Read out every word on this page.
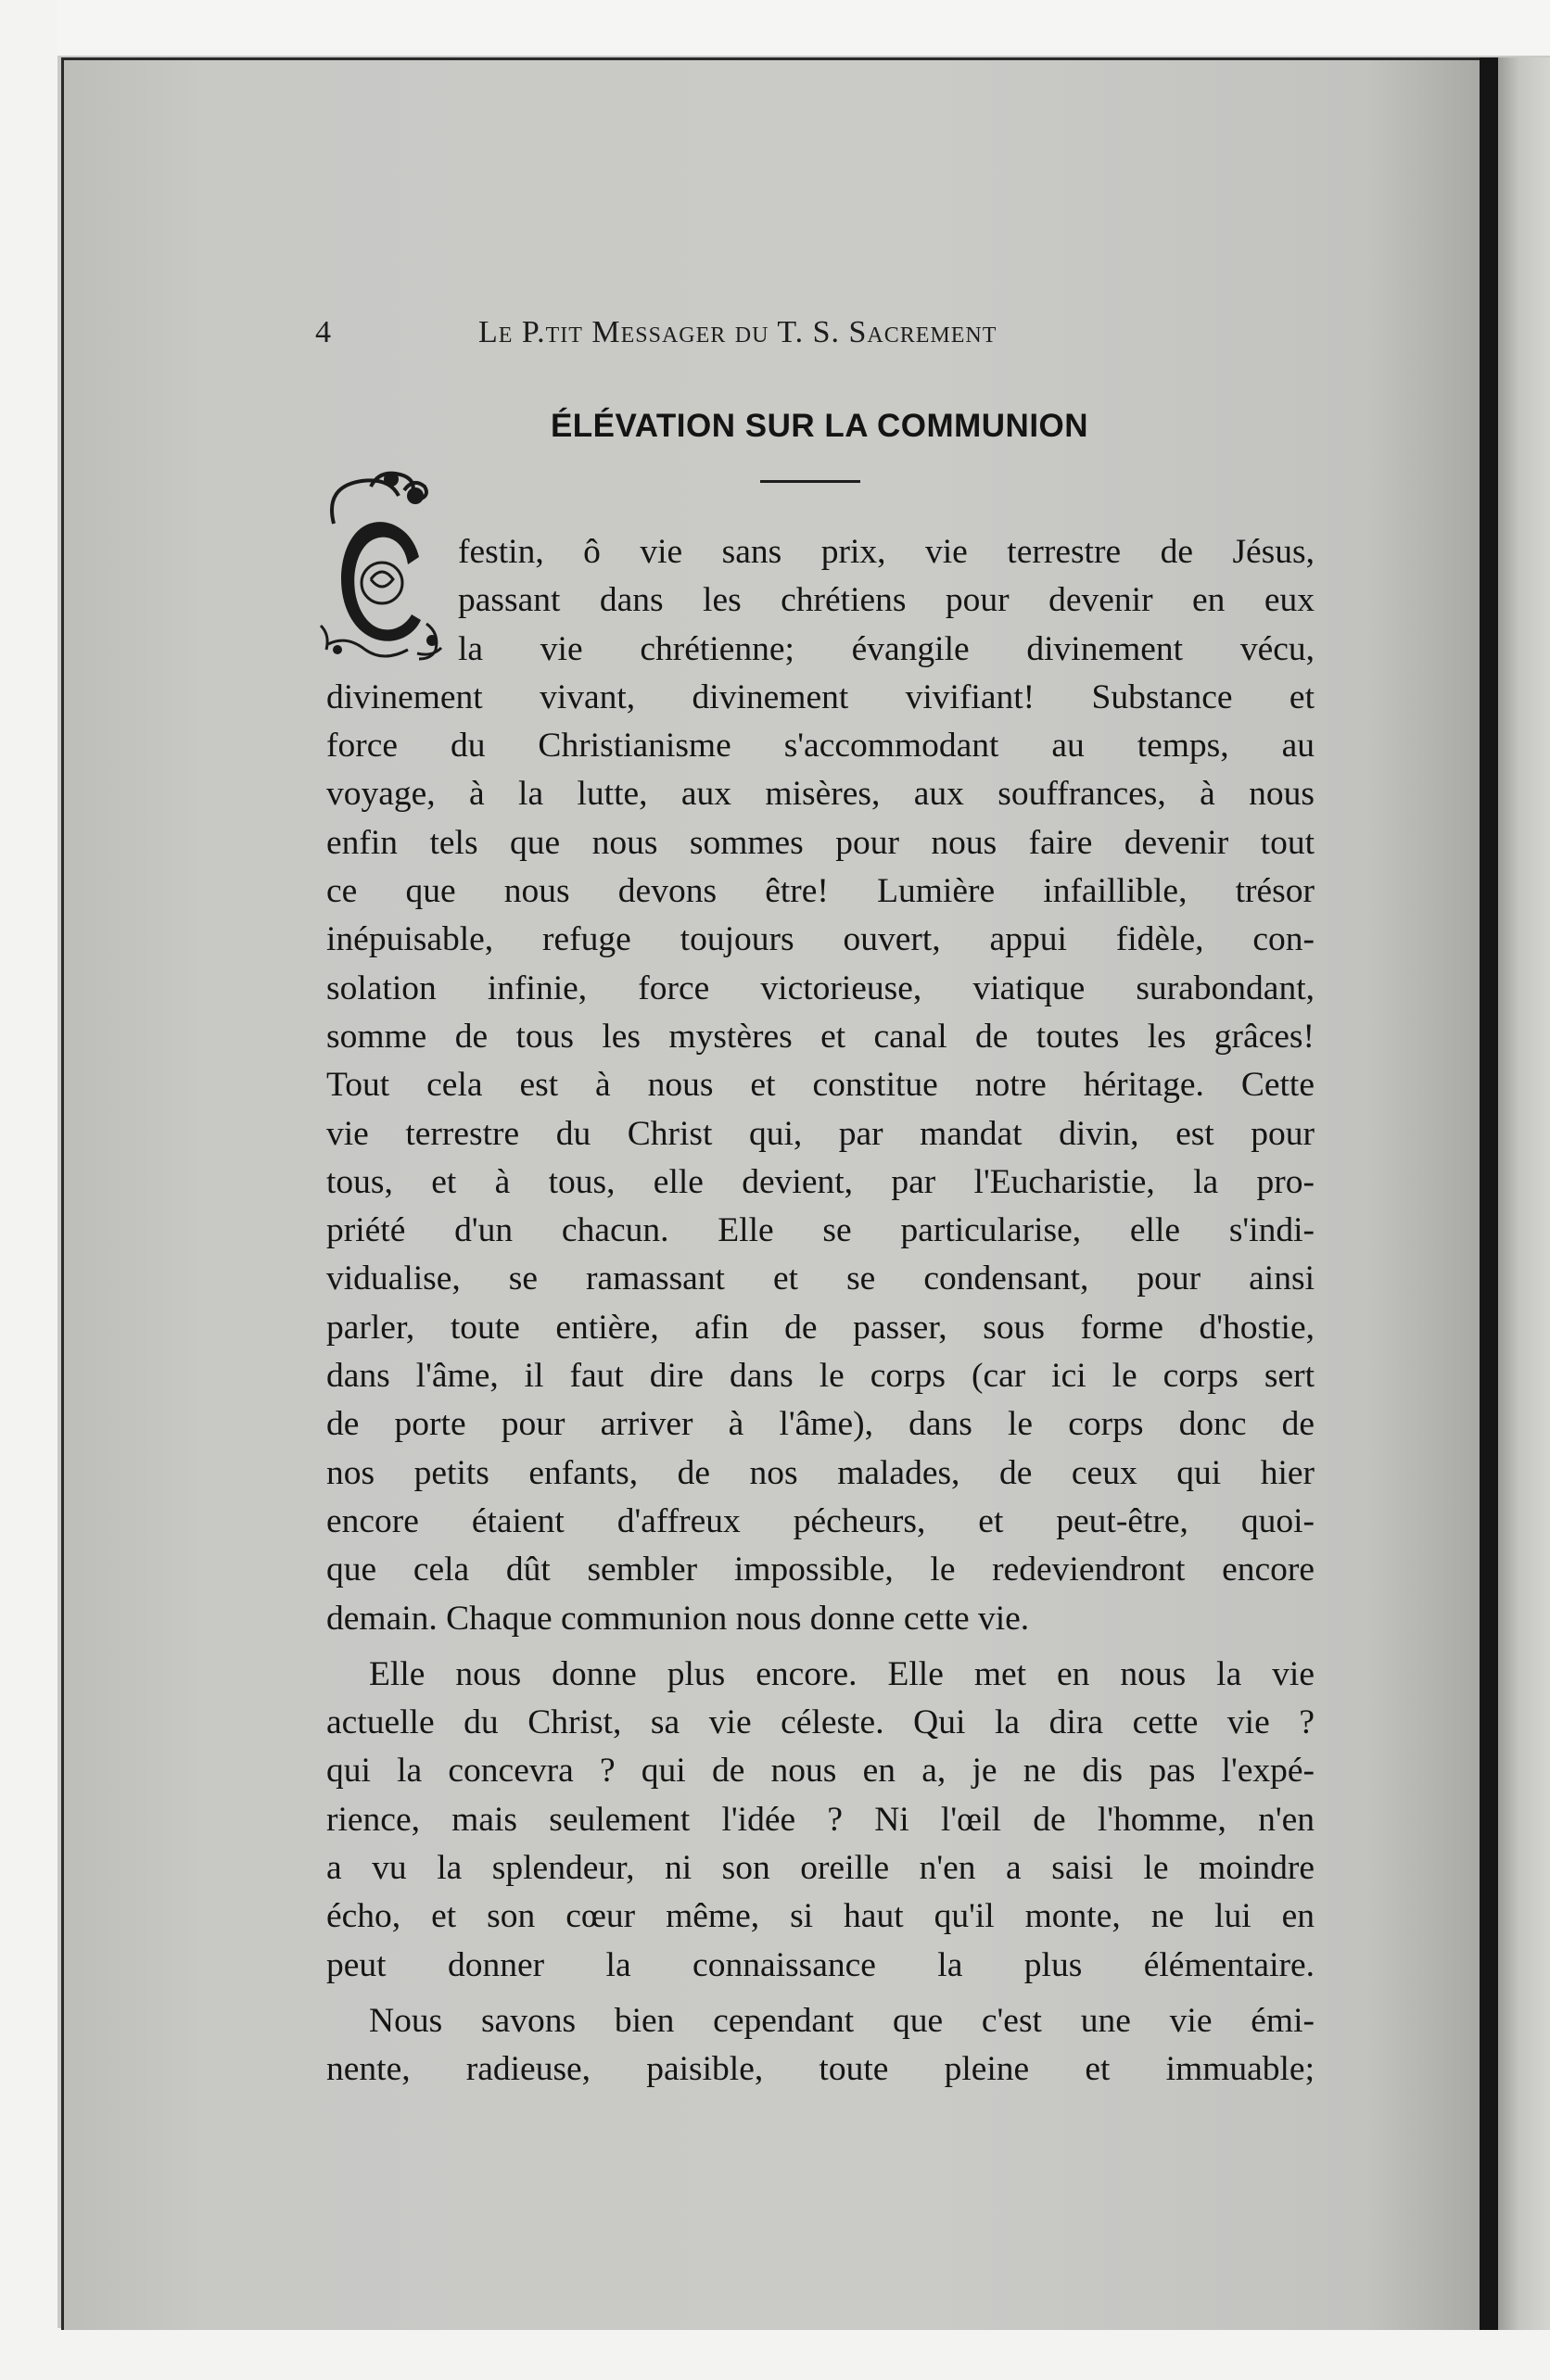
4	Le P.tit Messager du T. S. Sacrement
ÉLÉVATION SUR LA COMMUNION
festin, ô vie sans prix, vie terrestre de Jésus,
passant dans les chrétiens pour devenir en eux
la vie chrétienne; évangile divinement vécu,
divinement vivant, divinement vivifiant! Substance et
force du Christianisme s'accommodant au temps, au
voyage, à la lutte, aux misères, aux souffrances, à nous
enfin tels que nous sommes pour nous faire devenir tout
ce que nous devons être! Lumière infaillible, trésor
inépuisable, refuge toujours ouvert, appui fidèle, con-
solation infinie, force victorieuse, viatique surabondant,
somme de tous les mystères et canal de toutes les grâces!
Tout cela est à nous et constitue notre héritage. Cette
vie terrestre du Christ qui, par mandat divin, est pour
tous, et à tous, elle devient, par l'Eucharistie, la pro-
priété d'un chacun. Elle se particularise, elle s'indi-
vidualise, se ramassant et se condensant, pour ainsi
parler, toute entière, afin de passer, sous forme d'hostie,
dans l'âme, il faut dire dans le corps (car ici le corps sert
de porte pour arriver à l'âme), dans le corps donc de
nos petits enfants, de nos malades, de ceux qui hier
encore étaient d'affreux pécheurs, et peut-être, quoi-
que cela dût sembler impossible, le redeviendront encore
demain. Chaque communion nous donne cette vie.
Elle nous donne plus encore. Elle met en nous la vie
actuelle du Christ, sa vie céleste. Qui la dira cette vie ?
qui la concevra ? qui de nous en a, je ne dis pas l'expé-
rience, mais seulement l'idée ? Ni l'œil de l'homme, n'en
a vu la splendeur, ni son oreille n'en a saisi le moindre
écho, et son cœur même, si haut qu'il monte, ne lui en
peut donner la connaissance la plus élémentaire.
Nous savons bien cependant que c'est une vie émi-
nente, radieuse, paisible, toute pleine et immuable;
